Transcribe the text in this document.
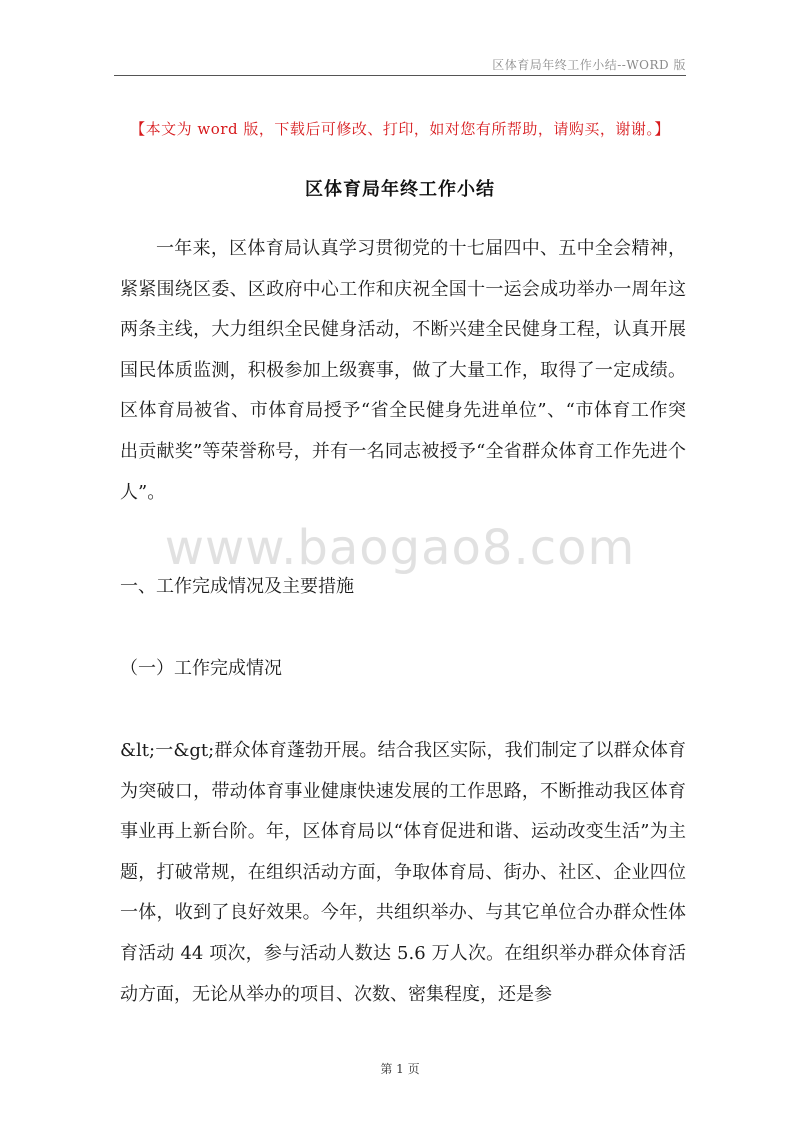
区体育局年终工作小结--WORD 版
【本文为 word 版，下载后可修改、打印，如对您有所帮助，请购买，谢谢。】
区体育局年终工作小结

一年来，区体育局认真学习贯彻党的十七届四中、五中全会精神，紧紧围绕区委、区政府中心工作和庆祝全国十一运会成功举办一周年这两条主线，大力组织全民健身活动，不断兴建全民健身工程，认真开展国民体质监测，积极参加上级赛事，做了大量工作，取得了一定成绩。区体育局被省、市体育局授予“省全民健身先进单位”、“市体育工作突出贡献奖”等荣誉称号，并有一名同志被授予“全省群众体育工作先进个人”。

www.baogao8.com
一、工作完成情况及主要措施
（一）工作完成情况

&lt;一&gt;群众体育蓬勃开展。结合我区实际，我们制定了以群众体育为突破口，带动体育事业健康快速发展的工作思路，不断推动我区体育事业再上新台阶。年，区体育局以“体育促进和谐、运动改变生活”为主题，打破常规，在组织活动方面，争取体育局、街办、社区、企业四位一体，收到了良好效果。今年，共组织举办、与其它单位合办群众性体育活动 44 项次，参与活动人数达 5.6 万人次。在组织举办群众体育活动方面，无论从举办的项目、次数、密集程度，还是参

第 1 页
